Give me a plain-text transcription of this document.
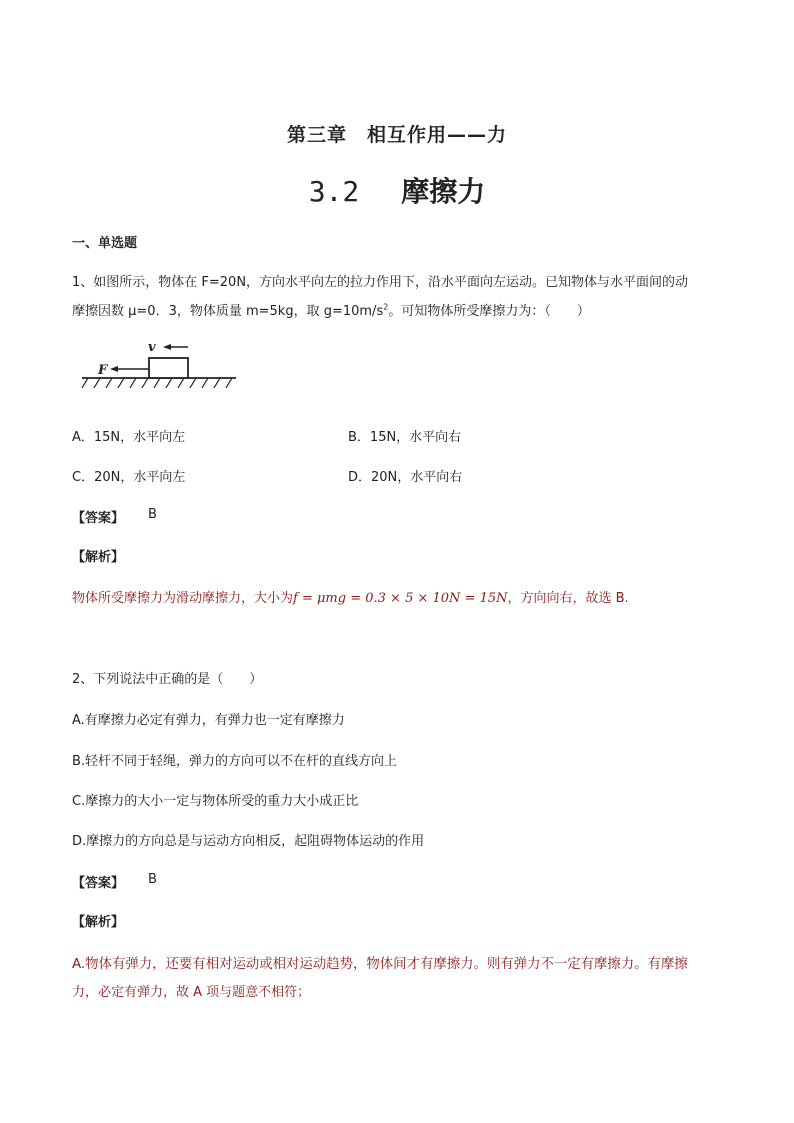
第三章　相互作用——力
3.2 摩擦力
一、单选题
1、如图所示，物体在 F=20N，方向水平向左的拉力作用下，沿水平面向左运动。已知物体与水平面间的动
摩擦因数 μ=0．3，物体质量 m=5kg，取 $g=10m/s^2$。可知物体所受摩擦力为：（　　）
F
v
A．15N，水平向左	B．15N，水平向右
C．20N，水平向左	D．20N，水平向右
【答案】 B
【解析】
物体所受摩擦力为滑动摩擦力，大小为f = μmg = 0.3 × 5 × 10N = 15N，方向向右，故选 B.
2、下列说法中正确的是（　　）
A.有摩擦力必定有弹力，有弹力也一定有摩擦力
B.轻杆不同于轻绳，弹力的方向可以不在杆的直线方向上
C.摩擦力的大小一定与物体所受的重力大小成正比
D.摩擦力的方向总是与运动方向相反，起阻碍物体运动的作用
【答案】 B
【解析】
A.物体有弹力，还要有相对运动或相对运动趋势，物体间才有摩擦力。则有弹力不一定有摩擦力。有摩擦
力，必定有弹力，故 A 项与题意不相符；
